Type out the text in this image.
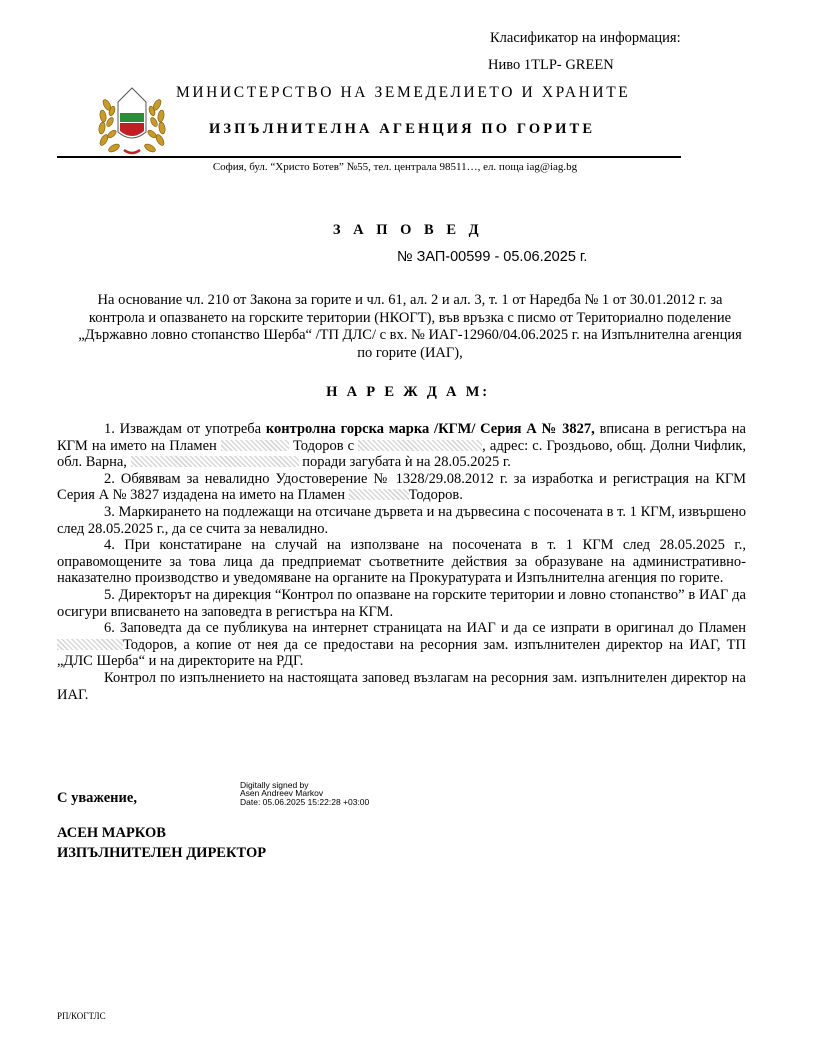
Класификатор на информация:
Ниво 1TLP- GREEN
МИНИСТЕРСТВО НА ЗЕМЕДЕЛИЕТО И ХРАНИТЕ
ИЗПЪЛНИТЕЛНА АГЕНЦИЯ ПО ГОРИТЕ
София, бул. “Христо Ботев” №55, тел. централа 98511…, ел. поща iag@iag.bg
З А П О В Е Д
№ ЗАП-00599 - 05.06.2025 г.
На основание чл. 210 от Закона за горите и чл. 61, ал. 2 и ал. 3, т. 1 от Наредба № 1 от 30.01.2012 г. за контрола и опазването на горските територии (НКОГТ), във връзка с писмо от Териториално поделение „Държавно ловно стопанство Шерба“ /ТП ДЛС/ с вх. № ИАГ-12960/04.06.2025 г. на Изпълнителна агенция по горите (ИАГ),
Н А Р Е Ж Д А М:

1. Изваждам от употреба контролна горска марка /КГМ/ Серия А № 3827, вписана в регистъра на КГМ на името на Пламен	Тодоров с	, адрес: с. Гроздьово, общ. Долни Чифлик, обл. Варна,	поради загубата ѝ на 28.05.2025 г.

2. Обявявам за невалидно Удостоверение № 1328/29.08.2012 г. за изработка и регистрация на КГМ Серия А № 3827 издадена на името на Пламен	Тодоров.

3. Маркирането на подлежащи на отсичане дървета и на дървесина с посочената в т. 1 КГМ, извършено след 28.05.2025 г., да се счита за невалидно.

4. При констатиране на случай на използване на посочената в т. 1 КГМ след 28.05.2025 г., оправомощените за това лица да предприемат съответните действия за образуване на административно-наказателно производство и уведомяване на органите на Прокуратурата и Изпълнителна агенция по горите.

5. Директорът на дирекция “Контрол по опазване на горските територии и ловно стопанство” в ИАГ да осигури вписването на заповедта в регистъра на КГМ.

6. Заповедта да се публикува на интернет страницата на ИАГ и да се изпрати в оригинал до Пламен Тодоров, а копие от нея да се предостави на ресорния зам. изпълнителен директор на ИАГ, ТП „ДЛС Шерба“ и на директорите на РДГ.

Контрол по изпълнението на настоящата заповед възлагам на ресорния зам. изпълнителен директор на ИАГ.

С уважение,
Digitally signed by
Asen Andreev Markov
Date: 05.06.2025 15:22:28 +03:00
АСЕН МАРКОВ
ИЗПЪЛНИТЕЛЕН ДИРЕКТОР
РП/КОГТЛС
